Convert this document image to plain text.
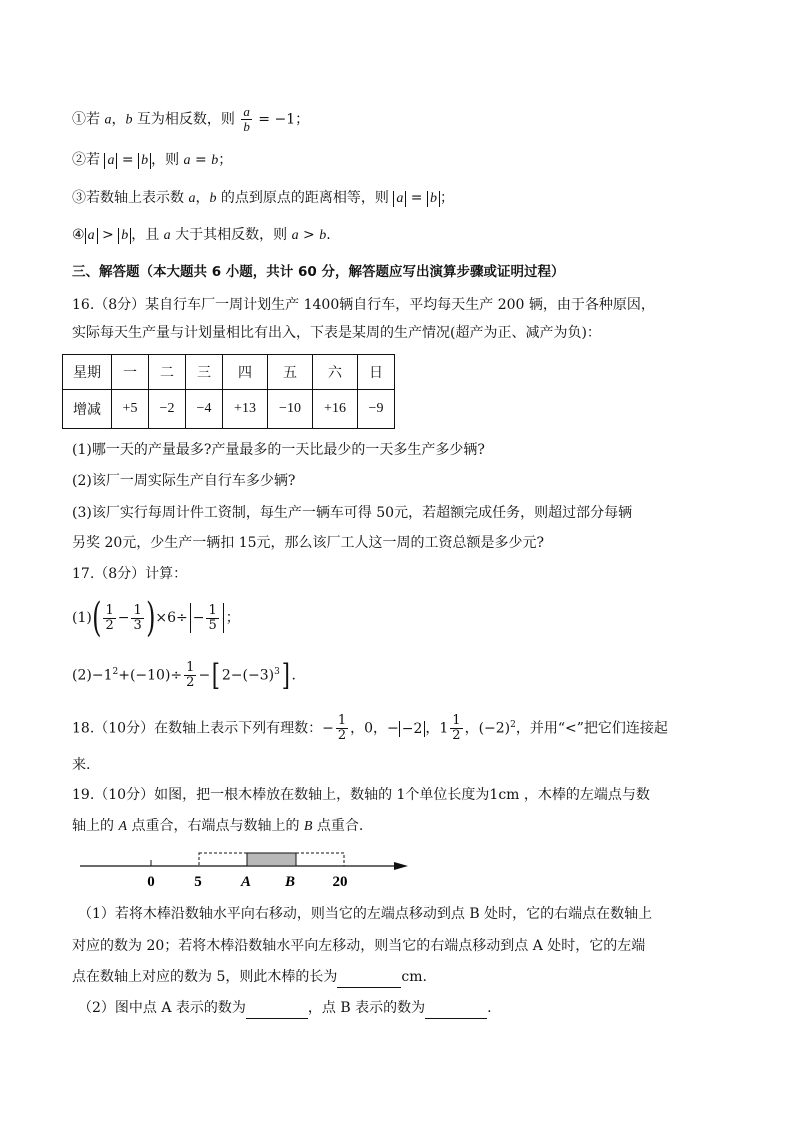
①若 a，b 互为相反数，则 $\frac{a}{b} = -1$；
②若 a = b ，则 a = b；
③若数轴上表示数 a，b 的点到原点的距离相等，则 a = b ；
④ a > b ，且 a 大于其相反数，则 a > b.
三、解答题（本大题共 6 小题，共计 60 分，解答题应写出演算步骤或证明过程）
16.（8分）某自行车厂一周计划生产 1400辆自行车，平均每天生产 200 辆，由于各种原因，
实际每天生产量与计划量相比有出入，下表是某周的生产情况(超产为正、减产为负)：
星期	一	二	三	四	五	六	日
增减	+5	−2	−4	+13	−10	+16	−9
(1)哪一天的产量最多?产量最多的一天比最少的一天多生产多少辆?
(2)该厂一周实际生产自行车多少辆?
(3)该厂实行每周计件工资制，每生产一辆车可得 50元，若超额完成任务，则超过部分每辆
另奖 20元，少生产一辆扣 15元，那么该厂工人这一周的工资总额是多少元?
17.（8分）计算：
$(1)( \frac{1}{2} - \frac{1}{3} )\times 6\div - \frac{1}{5}$ ；
$(2)-1^2+(-10)\div \frac{1}{2}$ −[ $2-(-3)^3$] .
18.（10分）在数轴上表示下列有理数：− $\frac{1}{2}$ ，0，− −2 ，$1 \frac{1}{2}$ ，$(-2)^2$，并用“<”把它们连接起
来.
19.（10分）如图，把一根木棒放在数轴上，数轴的 1个单位长度为1cm ，木棒的左端点与数
轴上的 A 点重合，右端点与数轴上的 B 点重合.
0	5	A B 20
（1）若将木棒沿数轴水平向右移动，则当它的左端点移动到点 B 处时，它的右端点在数轴上
对应的数为 20；若将木棒沿数轴水平向左移动，则当它的右端点移动到点 A 处时，它的左端
点在数轴上对应的数为 5，则此木棒的长为	cm.
（2）图中点 A 表示的数为	，点 B 表示的数为	.
